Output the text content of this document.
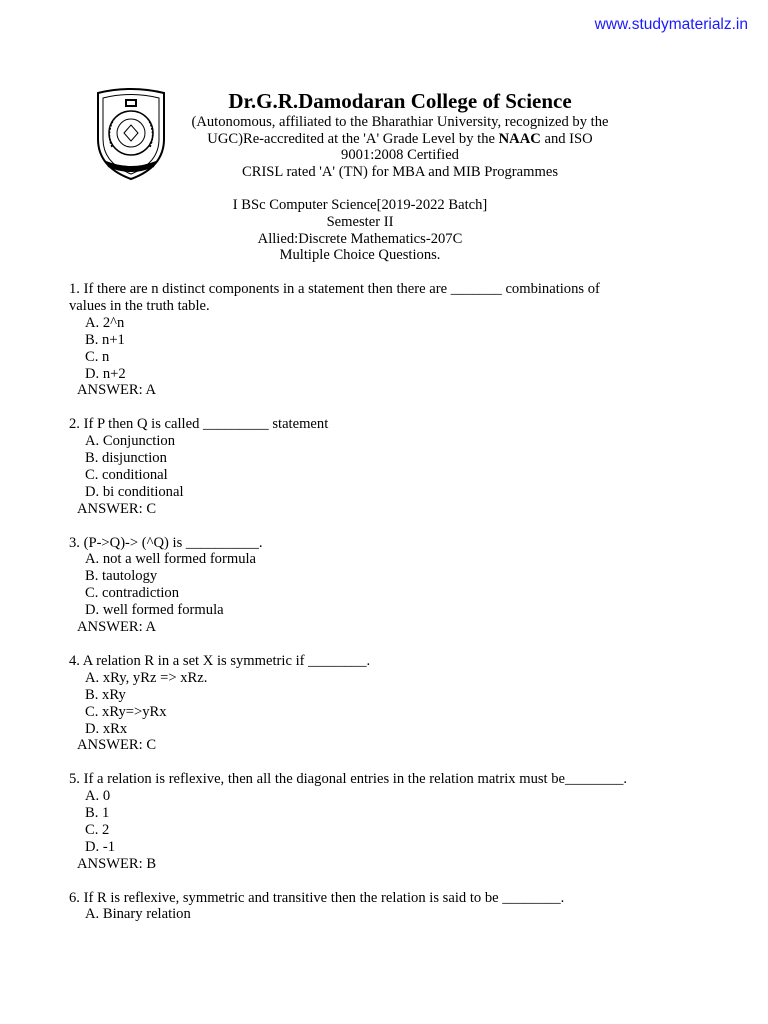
www.studymaterialz.in
Dr.G.R.Damodaran College of Science
(Autonomous, affiliated to the Bharathiar University, recognized by the
UGC)Re-accredited at the 'A' Grade Level by the NAAC and ISO
9001:2008 Certified
CRISL rated 'A' (TN) for MBA and MIB Programmes
I BSc Computer Science[2019-2022 Batch]
Semester II
Allied:Discrete Mathematics-207C
Multiple Choice Questions.
1. If there are n distinct components in a statement then there are _______ combinations of
values in the truth table.
A. 2^n
B. n+1
C. n
D. n+2
ANSWER: A
2. If P then Q is called _________ statement
A. Conjunction
B. disjunction
C. conditional
D. bi conditional
ANSWER: C
3. (P->Q)-> (^Q) is __________.
A. not a well formed formula
B. tautology
C. contradiction
D. well formed formula
ANSWER: A
4. A relation R in a set X is symmetric if ________.
A. xRy, yRz => xRz.
B. xRy
C. xRy=>yRx
D. xRx
ANSWER: C
5. If a relation is reflexive, then all the diagonal entries in the relation matrix must be________.
A. 0
B. 1
C. 2
D. -1
ANSWER: B
6. If R is reflexive, symmetric and transitive then the relation is said to be ________.
A. Binary relation
